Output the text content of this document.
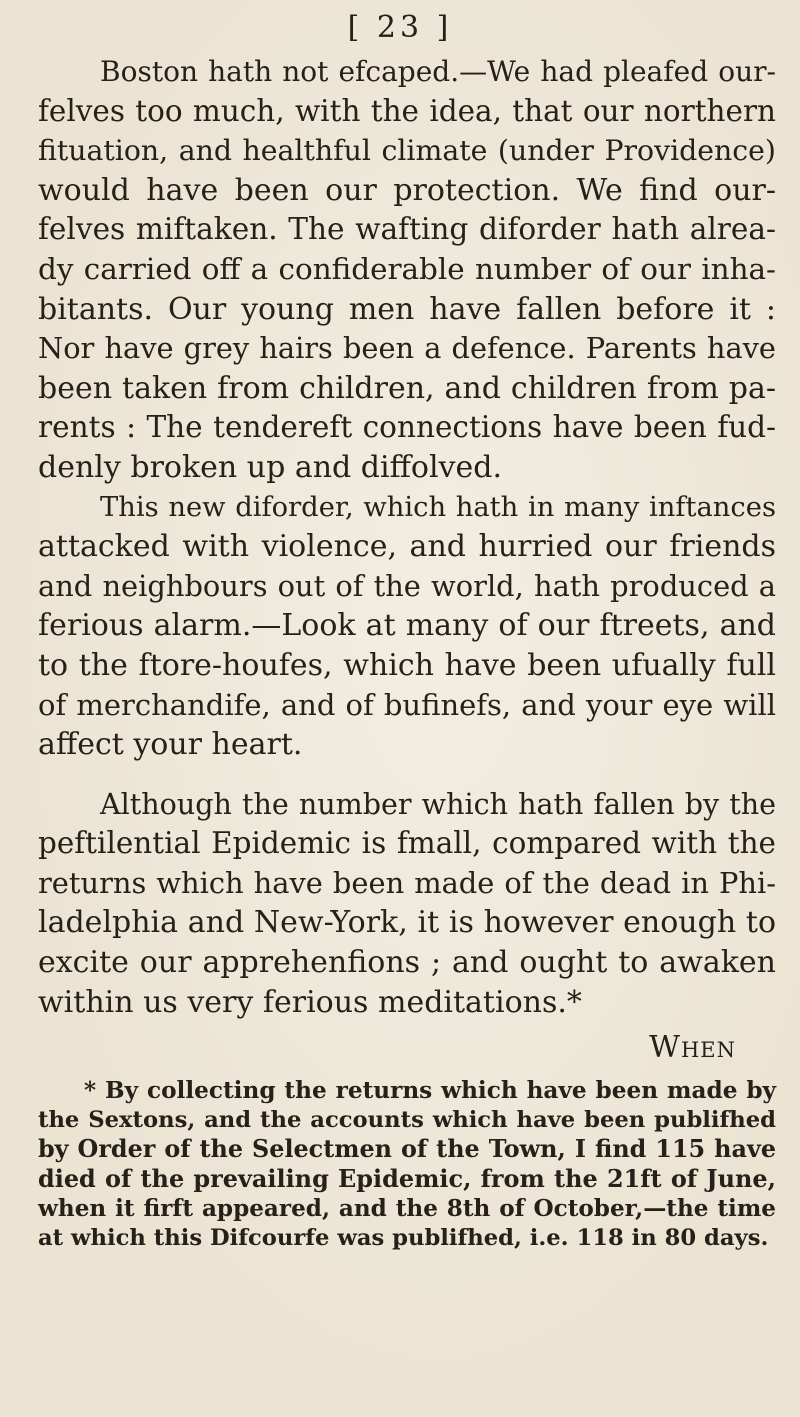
[ 23 ]
Boston hath not efcaped.—We had pleafed our-
felves too much, with the idea, that our northern
fituation, and healthful climate (under Providence)
would have been our protection. We find our-
felves miftaken. The wafting diforder hath alrea-
dy carried off a confiderable number of our inha-
bitants. Our young men have fallen before it :
Nor have grey hairs been a defence. Parents have
been taken from children, and children from pa-
rents : The tendereft connections have been fud-
denly broken up and diffolved.
This new diforder, which hath in many inftances
attacked with violence, and hurried our friends
and neighbours out of the world, hath produced a
ferious alarm.—Look at many of our ftreets, and
to the ftore-houfes, which have been ufually full
of merchandife, and of bufinefs, and your eye will
affect your heart.
Although the number which hath fallen by the
peftilential Epidemic is fmall, compared with the
returns which have been made of the dead in Phi-
ladelphia and New-York, it is however enough to
excite our apprehenfions ; and ought to awaken
within us very ferious meditations.*
When
* By collecting the returns which have been made by
the Sextons, and the accounts which have been publifhed
by Order of the Selectmen of the Town, I find 115 have
died of the prevailing Epidemic, from the 21ft of June,
when it firft appeared, and the 8th of October,—the time
at which this Difcourfe was publifhed, i.e. 118 in 80 days.
